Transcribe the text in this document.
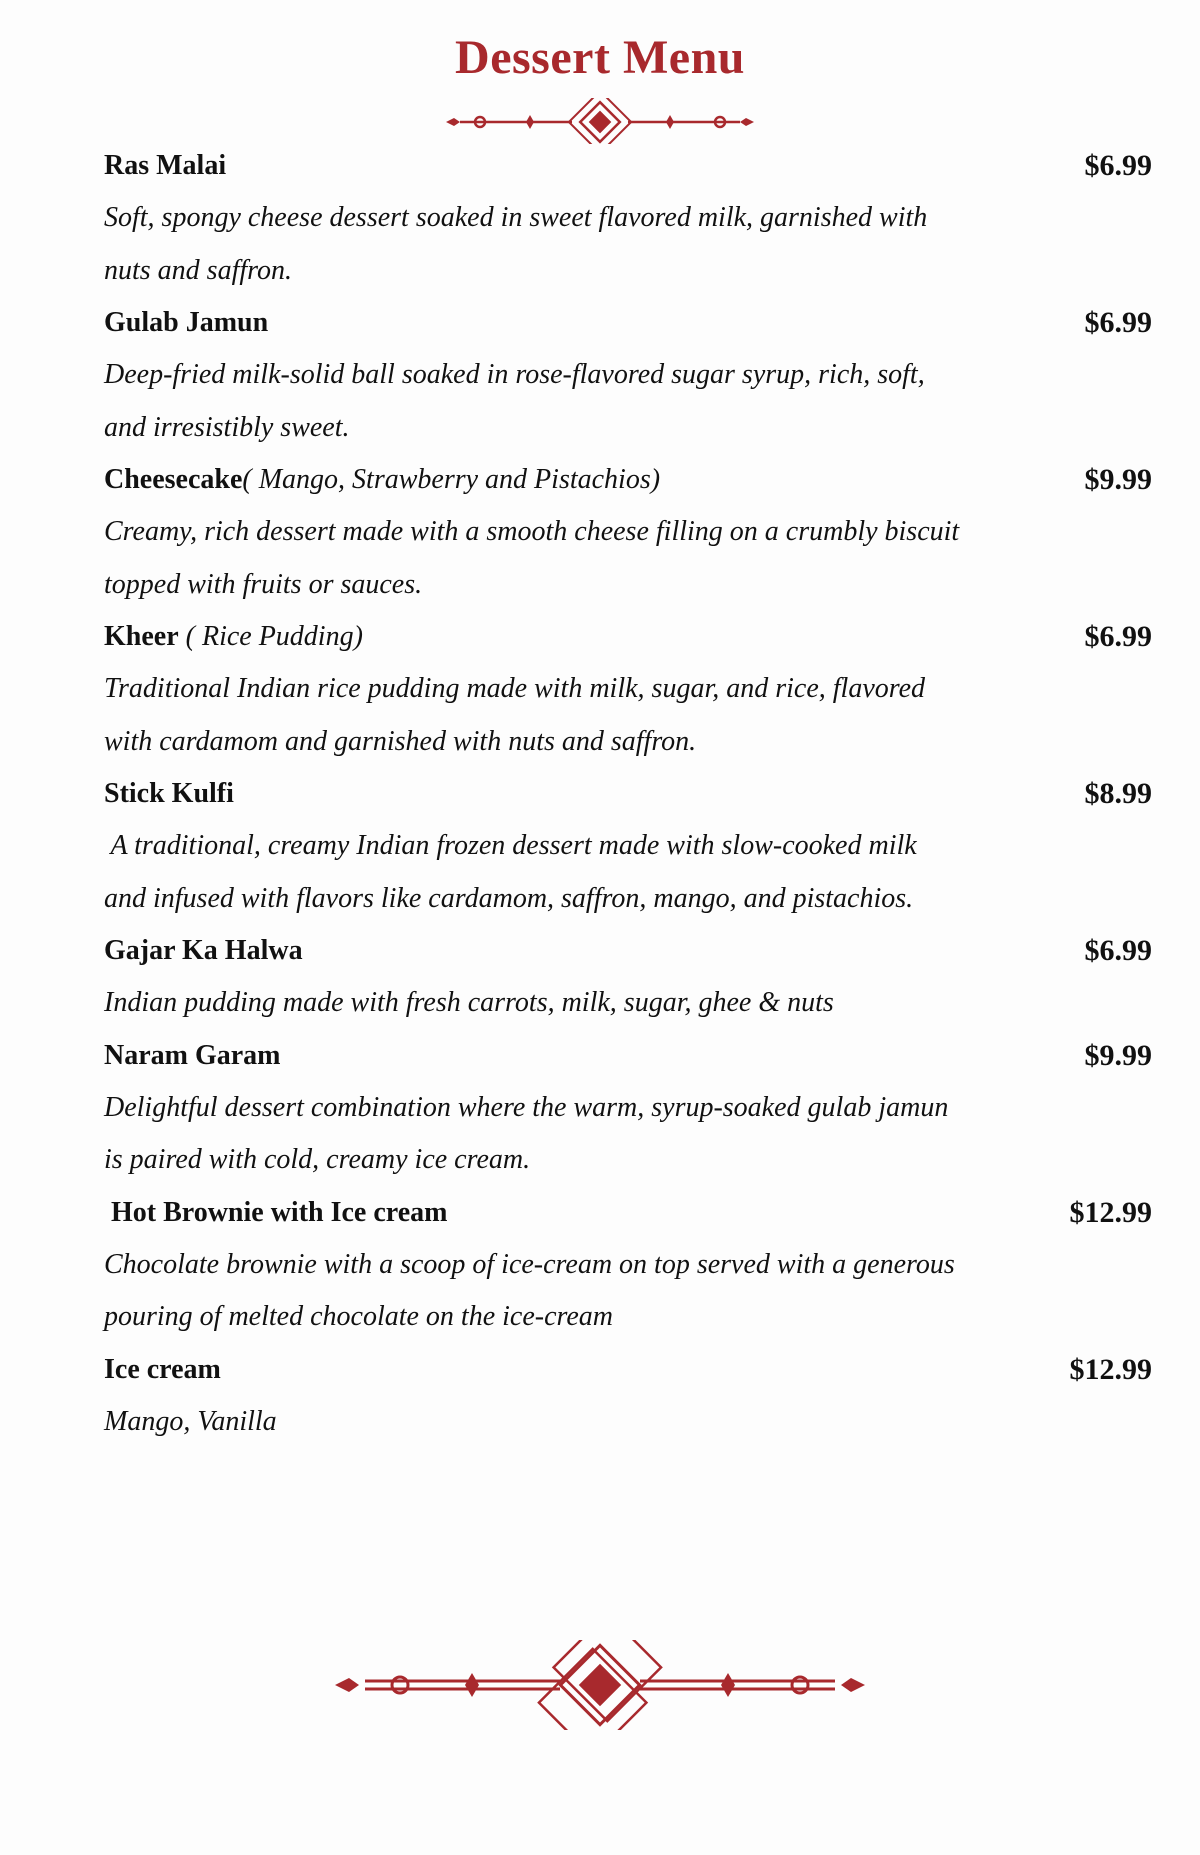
Dessert Menu
Ras Malai	$6.99
Soft, spongy cheese dessert soaked in sweet flavored milk, garnished with
nuts and saffron.
Gulab Jamun	$6.99
Deep-fried milk-solid ball soaked in rose-flavored sugar syrup, rich, soft,
and irresistibly sweet.
Cheesecake( Mango, Strawberry and Pistachios)	$9.99
Creamy, rich dessert made with a smooth cheese filling on a crumbly biscuit
topped with fruits or sauces.
Kheer ( Rice Pudding)	$6.99
Traditional Indian rice pudding made with milk, sugar, and rice, flavored
with cardamom and garnished with nuts and saffron.
Stick Kulfi	$8.99
A traditional, creamy Indian frozen dessert made with slow-cooked milk
and infused with flavors like cardamom, saffron, mango, and pistachios.
Gajar Ka Halwa	$6.99
Indian pudding made with fresh carrots, milk, sugar, ghee & nuts
Naram Garam	$9.99
Delightful dessert combination where the warm, syrup-soaked gulab jamun
is paired with cold, creamy ice cream.
Hot Brownie with Ice cream	$12.99
Chocolate brownie with a scoop of ice-cream on top served with a generous
pouring of melted chocolate on the ice-cream
Ice cream	$12.99
Mango, Vanilla
